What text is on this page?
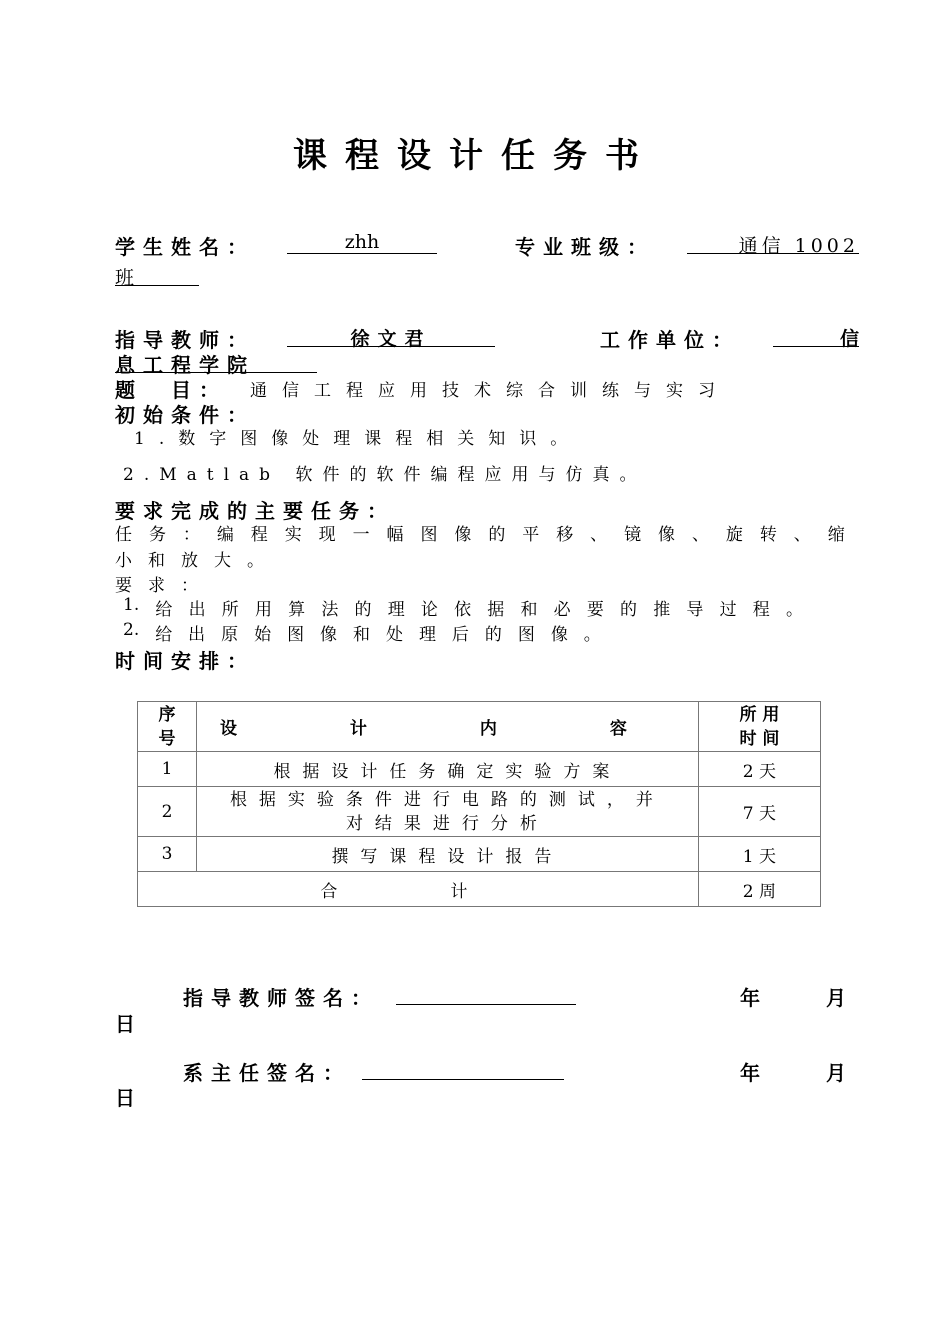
课程设计任务书
学生姓名：	zhh	专业班级：	通信 1002
班
指导教师：	徐文君	工作单位：	信
息工程学院
题　目： 通信工程应用技术综合训练与实习
初始条件：
1.数字图像处理课程相关知识。
2.Matlab 软件的软件编程应用与仿真。
要求完成的主要任务：
任 务 ： 编 程 实 现 一 幅 图 像 的 平 移 、 镜 像 、 旋 转 、 缩
小和放大。
要求：
1. 给 出 所 用 算 法 的 理 论 依 据 和 必 要 的 推 导 过 程 。
2. 给 出 原 始 图 像 和 处 理 后 的 图 像 。
时间安排：
序号	设　计　内　容	所 用 时 间

1	根据设计任务确定实验方案	2 天
2	根据实验条件进行电路的测试，并对结果进行分析	7 天
3	撰写课程设计报告	1 天
合　计		2 周
指导教师签名：	年	月
日
系主任签名：	年	月
日
